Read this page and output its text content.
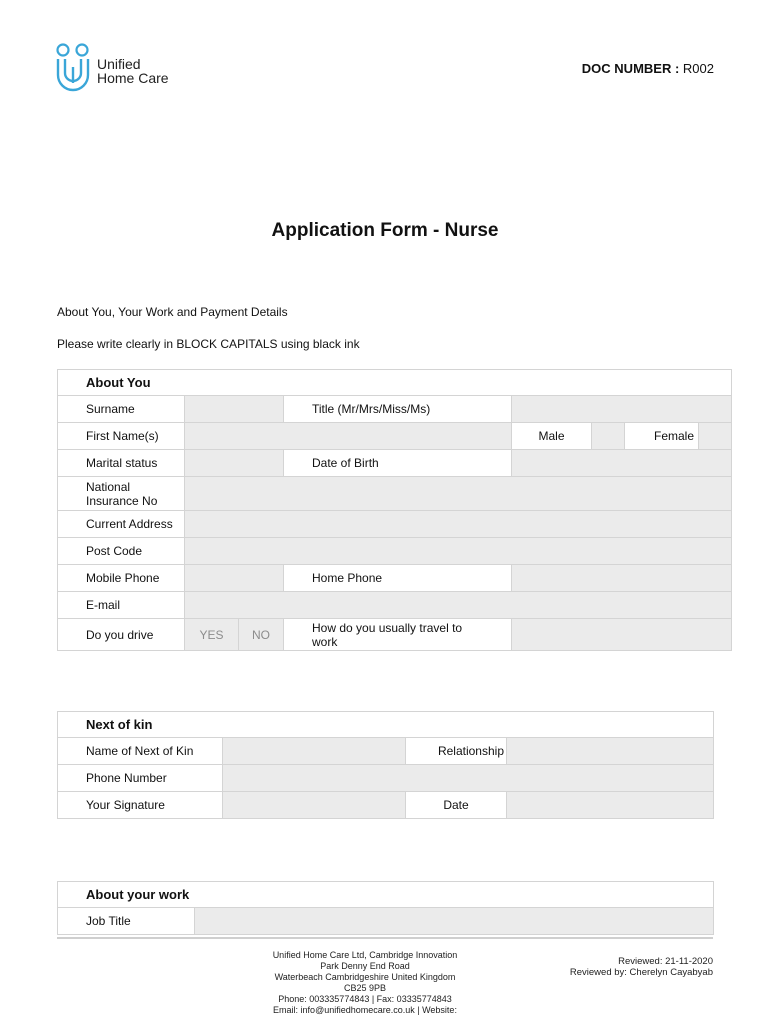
Unified
Home Care
DOC NUMBER : R002
Application Form - Nurse
About You, Your Work and Payment Details
Please write clearly in BLOCK CAPITALS using black ink
About You							
Surname			Title (Mr/Mrs/Miss/Ms)				
First Name(s)				Male		Female	
Marital status			Date of Birth				
National
Insurance No							
Current Address							
Post Code							
Mobile Phone			Home Phone				
E-mail							
Do you drive	YES	NO	How do you usually travel to
work				
Next of kin			
Name of Next of Kin		Relationship	
Phone Number			
Your Signature		Date	
About your work
Job Title	
Unified Home Care Ltd, Cambridge Innovation
Park Denny End Road
Waterbeach Cambridgeshire United Kingdom
CB25 9PB
Phone: 003335774843 | Fax: 03335774843
Email: info@unifiedhomecare.co.uk | Website:
Reviewed: 21-11-2020
Reviewed by: Cherelyn Cayabyab
